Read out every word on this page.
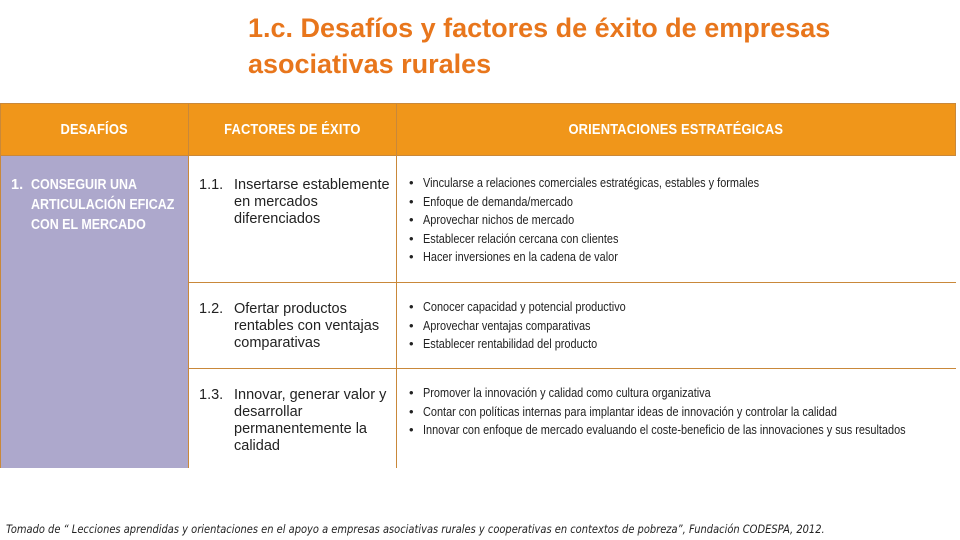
1.c. Desafíos y factores de éxito de empresas asociativas rurales
DESAFÍOS	FACTORES DE ÉXITO	ORIENTACIONES ESTRATÉGICAS
1. CONSEGUIR UNA ARTICULACIÓN EFICAZ CON EL MERCADO
1.1. Insertarse establemente en mercados diferenciados
• Vincularse a relaciones comerciales estratégicas, estables y formales
• Enfoque de demanda/mercado
• Aprovechar nichos de mercado
• Establecer relación cercana con clientes
• Hacer inversiones en la cadena de valor
1.2. Ofertar productos rentables con ventajas comparativas
• Conocer capacidad y potencial productivo
• Aprovechar ventajas comparativas
• Establecer rentabilidad del producto
1.3. Innovar, generar valor y desarrollar permanentemente la calidad
• Promover la innovación y calidad como cultura organizativa
• Contar con políticas internas para implantar ideas de innovación y controlar la calidad
• Innovar con enfoque de mercado evaluando el coste-beneficio de las innovaciones y sus resultados
Tomado de “ Lecciones aprendidas y orientaciones en el apoyo a empresas asociativas rurales y cooperativas en contextos de pobreza”, Fundación CODESPA, 2012.
